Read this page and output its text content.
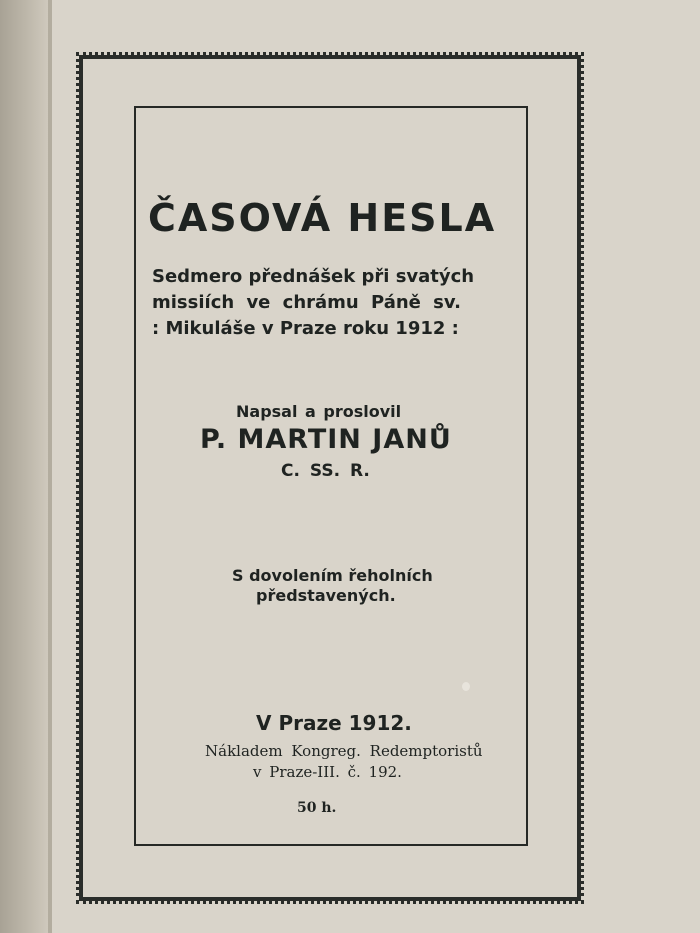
ČASOVÁ HESLA

Sedmero přednášek při svatých

missiích ve chrámu Páně sv.

: Mikuláše v Praze roku 1912 :

Napsal a proslovil

P. MARTIN JANŮ

C. SS. R.

S dovolením řeholních

představených.

V Praze 1912.

Nákladem Kongreg. Redemptoristů

v Praze-III. č. 192.

50 h.
